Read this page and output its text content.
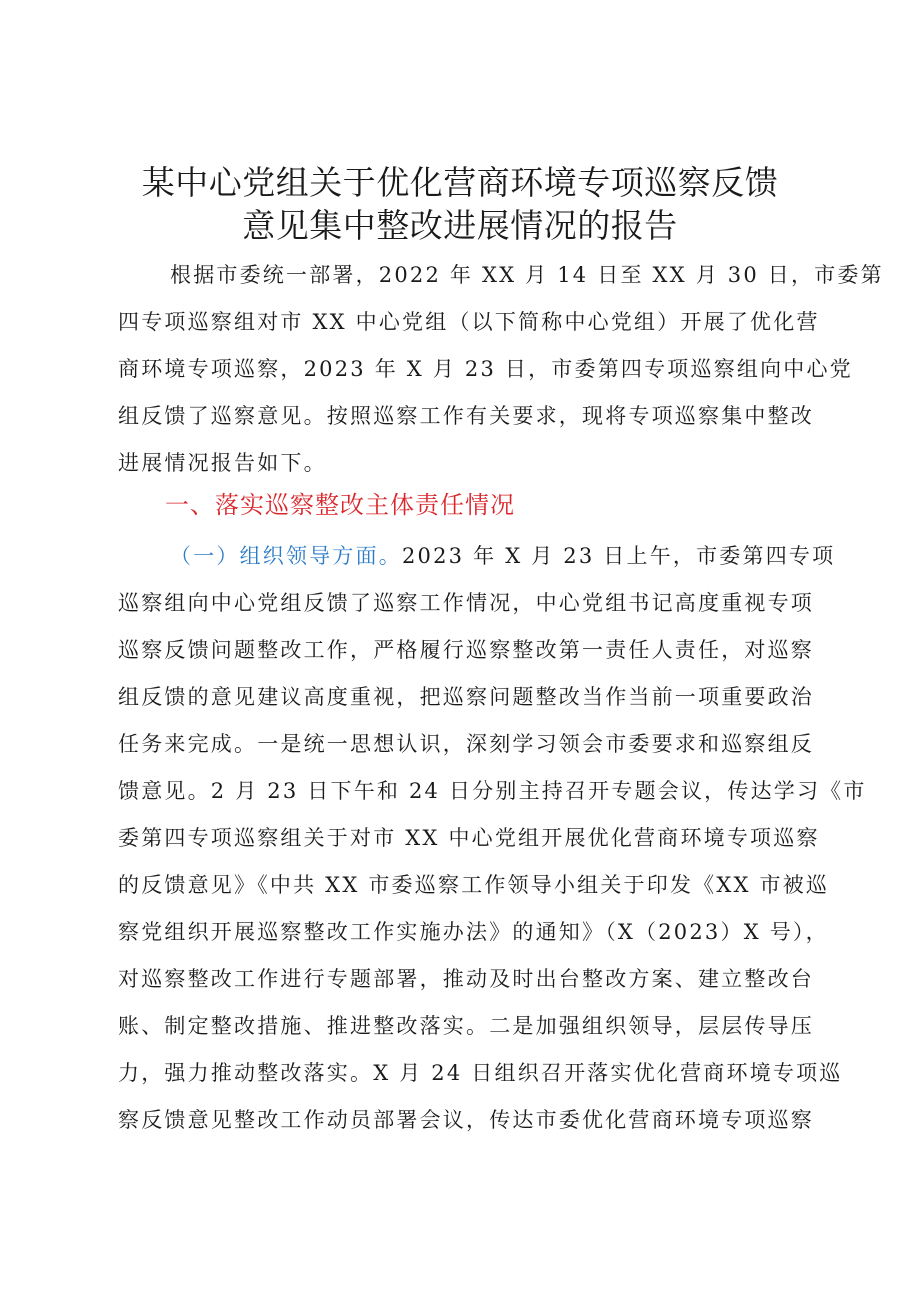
某中心党组关于优化营商环境专项巡察反馈
意见集中整改进展情况的报告
根据市委统一部署，2022 年 XX 月 14 日至 XX 月 30 日，市委第
四专项巡察组对市 XX 中心党组（以下简称中心党组）开展了优化营
商环境专项巡察，2023 年 X 月 23 日，市委第四专项巡察组向中心党
组反馈了巡察意见。按照巡察工作有关要求，现将专项巡察集中整改
进展情况报告如下。
一、落实巡察整改主体责任情况
（一）组织领导方面。2023 年 X 月 23 日上午，市委第四专项
巡察组向中心党组反馈了巡察工作情况，中心党组书记高度重视专项
巡察反馈问题整改工作，严格履行巡察整改第一责任人责任，对巡察
组反馈的意见建议高度重视，把巡察问题整改当作当前一项重要政治
任务来完成。一是统一思想认识，深刻学习领会市委要求和巡察组反
馈意见。2 月 23 日下午和 24 日分别主持召开专题会议，传达学习《市
委第四专项巡察组关于对市 XX 中心党组开展优化营商环境专项巡察
的反馈意见》《中共 XX 市委巡察工作领导小组关于印发《XX 市被巡
察党组织开展巡察整改工作实施办法》的通知》（X（2023）X 号），
对巡察整改工作进行专题部署，推动及时出台整改方案、建立整改台
账、制定整改措施、推进整改落实。二是加强组织领导，层层传导压
力，强力推动整改落实。X 月 24 日组织召开落实优化营商环境专项巡
察反馈意见整改工作动员部署会议，传达市委优化营商环境专项巡察
